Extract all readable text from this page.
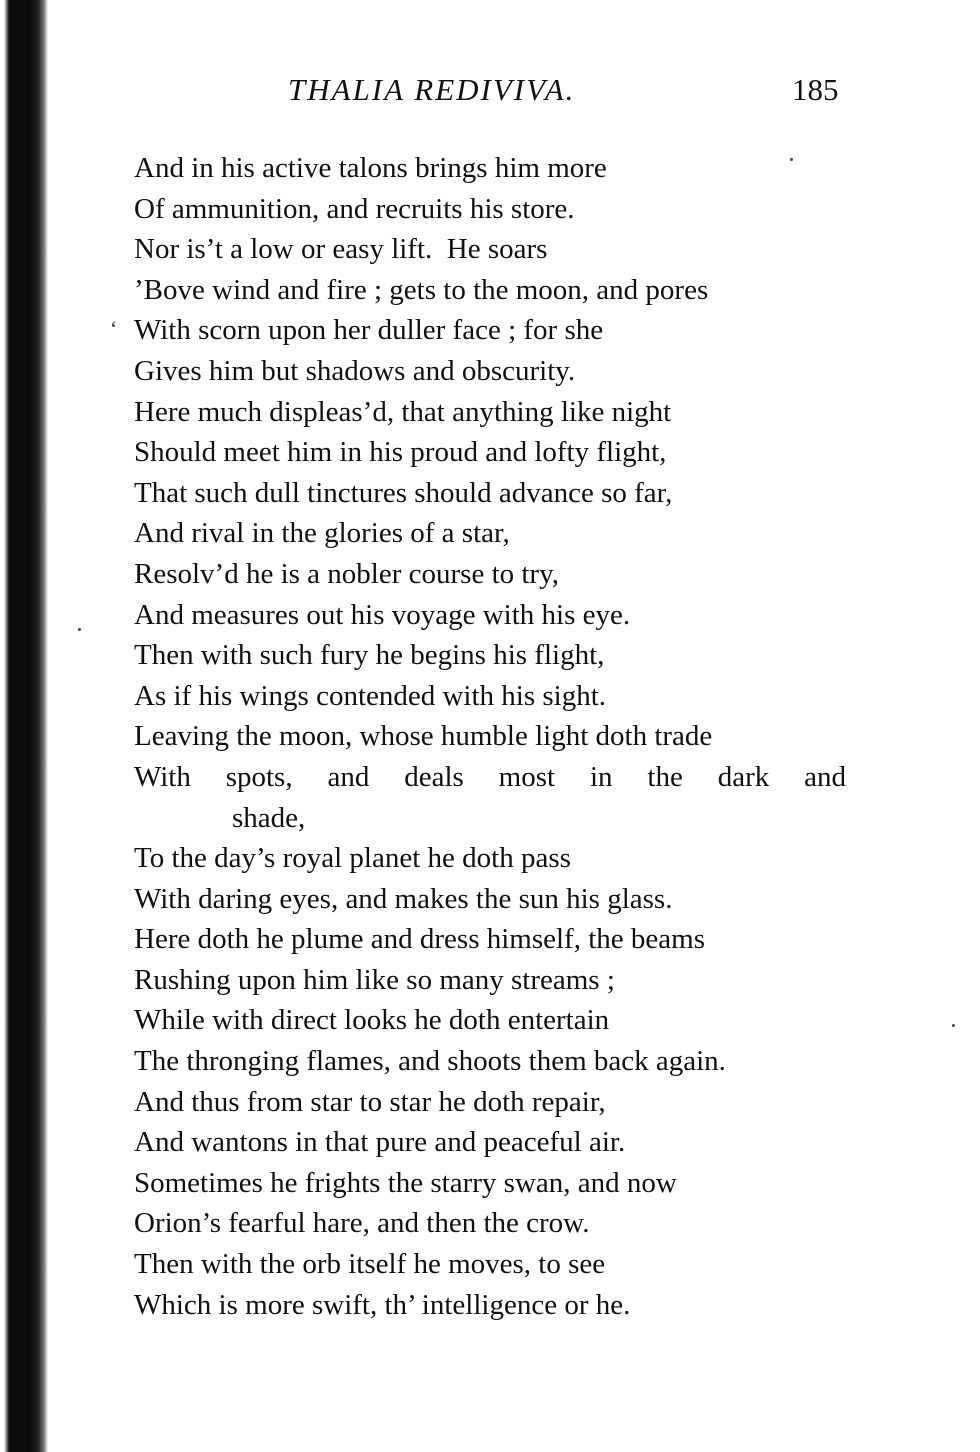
THALIA REDIVIVA.	185
‘
And in his active talons brings him more
Of ammunition, and recruits his store.
Nor is’t a low or easy lift.  He soars
’Bove wind and fire ; gets to the moon, and pores
With scorn upon her duller face ; for she
Gives him but shadows and obscurity.
Here much displeas’d, that anything like night
Should meet him in his proud and lofty flight,
That such dull tinctures should advance so far,
And rival in the glories of a star,
Resolv’d he is a nobler course to try,
And measures out his voyage with his eye.
Then with such fury he begins his flight,
As if his wings contended with his sight.
Leaving the moon, whose humble light doth trade
With spots, and deals most in the dark and
shade,
To the day’s royal planet he doth pass
With daring eyes, and makes the sun his glass.
Here doth he plume and dress himself, the beams
Rushing upon him like so many streams ;
While with direct looks he doth entertain
The thronging flames, and shoots them back again.
And thus from star to star he doth repair,
And wantons in that pure and peaceful air.
Sometimes he frights the starry swan, and now
Orion’s fearful hare, and then the crow.
Then with the orb itself he moves, to see
Which is more swift, th’ intelligence or he.
